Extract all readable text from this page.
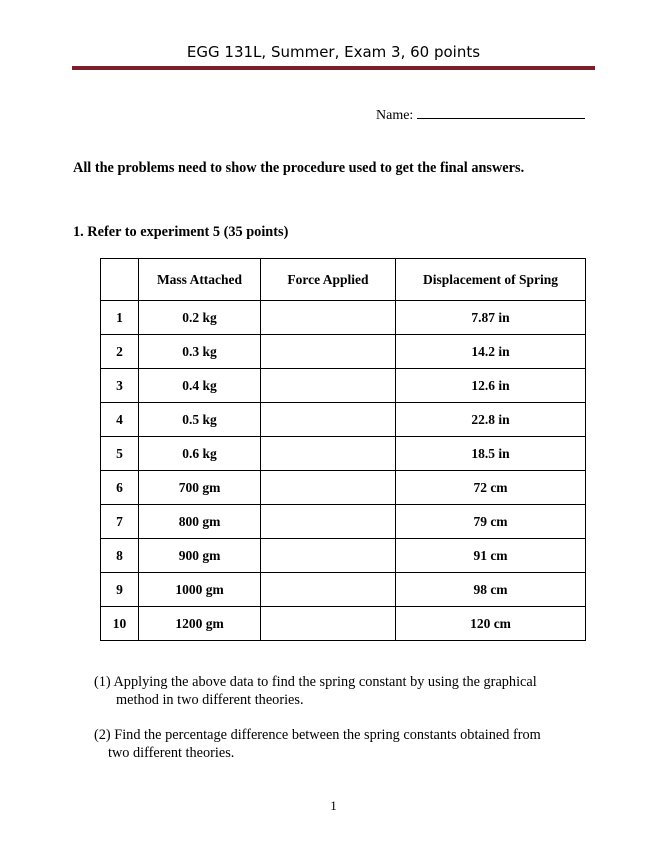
EGG 131L, Summer, Exam 3, 60 points
Name:
All the problems need to show the procedure used to get the final answers.
1. Refer to experiment 5 (35 points)
	Mass Attached	Force Applied	Displacement of Spring
1	0.2 kg		7.87 in
2	0.3 kg		14.2 in
3	0.4 kg		12.6 in
4	0.5 kg		22.8 in
5	0.6 kg		18.5 in
6	700 gm		72 cm
7	800 gm		79 cm
8	900 gm		91 cm
9	1000 gm		98 cm
10	1200 gm		120 cm
(1) Applying the above data to find the spring constant by using the graphical
method in two different theories.
(2) Find the percentage difference between the spring constants obtained from
two different theories.
1
